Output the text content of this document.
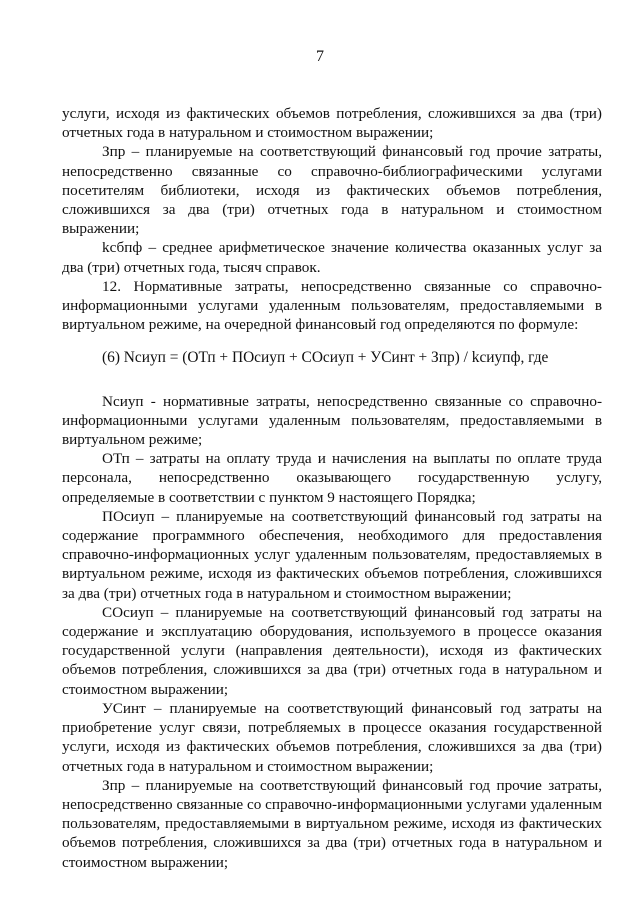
7

услуги, исходя из фактических объемов потребления, сложившихся за два (три) отчетных года в натуральном и стоимостном выражении;

Зпр – планируемые на соответствующий финансовый год прочие затраты, непосредственно связанные со справочно-библиографическими услугами посетителям библиотеки, исходя из фактических объемов потребления, сложившихся за два (три) отчетных года в натуральном и стоимостном выражении;

kсбпф – среднее арифметическое значение количества оказанных услуг за два (три) отчетных года, тысяч справок.

12. Нормативные затраты, непосредственно связанные со справочно-информационными услугами удаленным пользователям, предоставляемыми в виртуальном режиме, на очередной финансовый год определяются по формуле:

(6) Nсиуп = (ОТп + ПОсиуп + СОсиуп + УСинт + Зпр) / kсиупф, где

Nсиуп - нормативные затраты, непосредственно связанные со справочно-информационными услугами удаленным пользователям, предоставляемыми в виртуальном режиме;

ОТп – затраты на оплату труда и начисления на выплаты по оплате труда персонала, непосредственно оказывающего государственную услугу, определяемые в соответствии с пунктом 9 настоящего Порядка;

ПОсиуп – планируемые на соответствующий финансовый год затраты на содержание программного обеспечения, необходимого для предоставления справочно-информационных услуг удаленным пользователям, предоставляемых в виртуальном режиме, исходя из фактических объемов потребления, сложившихся за два (три) отчетных года в натуральном и стоимостном выражении;

СОсиуп – планируемые на соответствующий финансовый год затраты на содержание и эксплуатацию оборудования, используемого в процессе оказания государственной услуги (направления деятельности), исходя из фактических объемов потребления, сложившихся за два (три) отчетных года в натуральном и стоимостном выражении;

УСинт – планируемые на соответствующий финансовый год затраты на приобретение услуг связи, потребляемых в процессе оказания государственной услуги, исходя из фактических объемов потребления, сложившихся за два (три) отчетных года в натуральном и стоимостном выражении;

Зпр – планируемые на соответствующий финансовый год прочие затраты, непосредственно связанные со справочно-информационными услугами удаленным пользователям, предоставляемыми в виртуальном режиме, исходя из фактических объемов потребления, сложившихся за два (три) отчетных года в натуральном и стоимостном выражении;
